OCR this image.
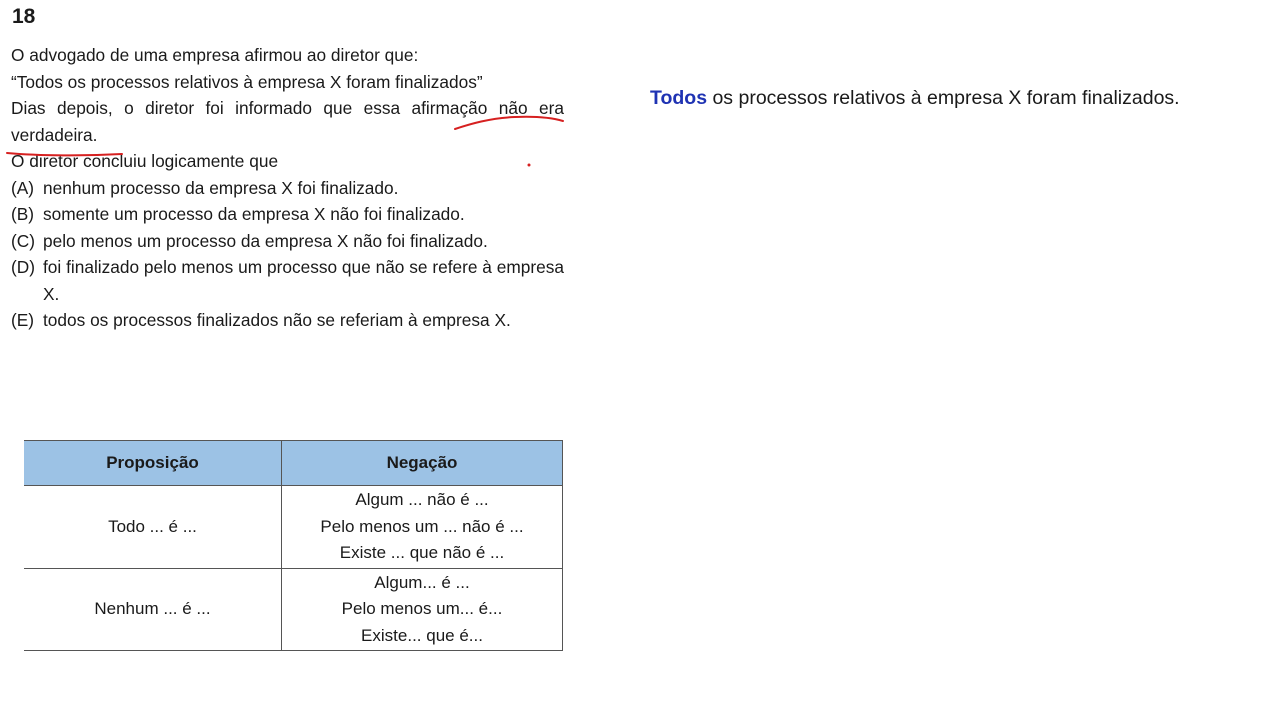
18

O advogado de uma empresa afirmou ao diretor que:

“Todos os processos relativos à empresa X foram finalizados”

Dias depois, o diretor foi informado que essa afirmação não era verdadeira.

O diretor concluiu logicamente que

(A) nenhum processo da empresa X foi finalizado.
(B) somente um processo da empresa X não foi finalizado.
(C) pelo menos um processo da empresa X não foi finalizado.
(D) foi finalizado pelo menos um processo que não se refere à empresa X.
(E) todos os processos finalizados não se referiam à empresa X.
Todos os processos relativos à empresa X foram finalizados.
Proposição	Negação
Todo ... é ...	Algum ... não é ...
Pelo menos um ... não é ...
Existe ... que não é ...

Nenhum ... é ...	Algum... é ...
Pelo menos um... é...
Existe... que é...
